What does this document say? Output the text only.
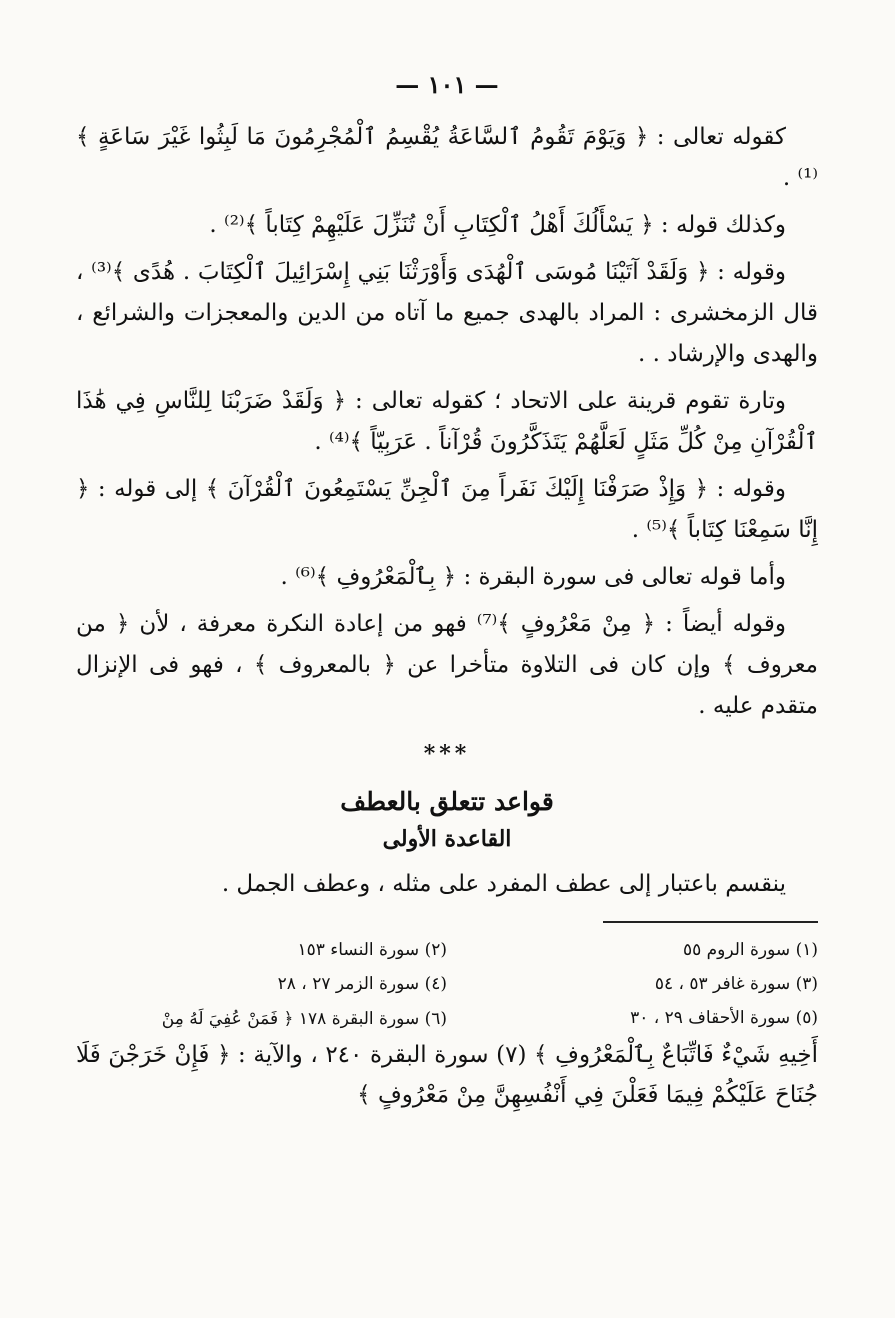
— ١٠١ —

كقوله تعالى : ﴿ وَيَوْمَ تَقُومُ ٱلسَّاعَةُ يُقْسِمُ ٱلْمُجْرِمُونَ مَا لَبِثُوا غَيْرَ سَاعَةٍ ﴾⁽¹⁾ .

وكذلك قوله : ﴿ يَسْأَلُكَ أَهْلُ ٱلْكِتَابِ أَنْ تُنَزِّلَ عَلَيْهِمْ كِتَاباً ﴾⁽²⁾ .

وقوله : ﴿ وَلَقَدْ آتَيْنَا مُوسَى ٱلْهُدَى وَأَوْرَثْنَا بَنِي إِسْرَائِيلَ ٱلْكِتَابَ . هُدًى ﴾⁽³⁾ ، قال الزمخشرى : المراد بالهدى جميع ما آتاه من الدين والمعجزات والشرائع ، والهدى والإرشاد . .

وتارة تقوم قرينة على الاتحاد ؛ كقوله تعالى : ﴿ وَلَقَدْ ضَرَبْنَا لِلنَّاسِ فِي هَٰذَا ٱلْقُرْآنِ مِنْ كُلِّ مَثَلٍ لَعَلَّهُمْ يَتَذَكَّرُونَ قُرْآناً . عَرَبِيّاً ﴾⁽⁴⁾ .

وقوله : ﴿ وَإِذْ صَرَفْنَا إِلَيْكَ نَفَراً مِنَ ٱلْجِنِّ يَسْتَمِعُونَ ٱلْقُرْآنَ ﴾ إلى قوله : ﴿ إِنَّا سَمِعْنَا كِتَاباً ﴾⁽⁵⁾ .

وأما قوله تعالى فى سورة البقرة : ﴿ بِٱلْمَعْرُوفِ ﴾⁽⁶⁾ .

وقوله أيضاً : ﴿ مِنْ مَعْرُوفٍ ﴾⁽⁷⁾ فهو من إعادة النكرة معرفة ، لأن ﴿ من معروف ﴾ وإن كان فى التلاوة متأخرا عن ﴿ بالمعروف ﴾ ، فهو فى الإنزال متقدم عليه .

***
قواعد تتعلق بالعطف
القاعدة الأولى

ينقسم باعتبار إلى عطف المفرد على مثله ، وعطف الجمل .

(١) سورة الروم ٥٥
(٢) سورة النساء ١٥٣
(٣) سورة غافر ٥٣ ، ٥٤
(٤) سورة الزمر ٢٧ ، ٢٨
(٥) سورة الأحقاف ٢٩ ، ٣٠
(٦) سورة البقرة ١٧٨ ﴿ فَمَنْ عُفِيَ لَهُ مِنْ
أَخِيهِ شَيْءٌ فَاتِّبَاعٌ بِٱلْمَعْرُوفِ ﴾ (٧) سورة البقرة ٢٤٠ ، والآية : ﴿ فَإِنْ خَرَجْنَ فَلَا جُنَاحَ عَلَيْكُمْ فِيمَا فَعَلْنَ فِي أَنْفُسِهِنَّ مِنْ مَعْرُوفٍ ﴾
